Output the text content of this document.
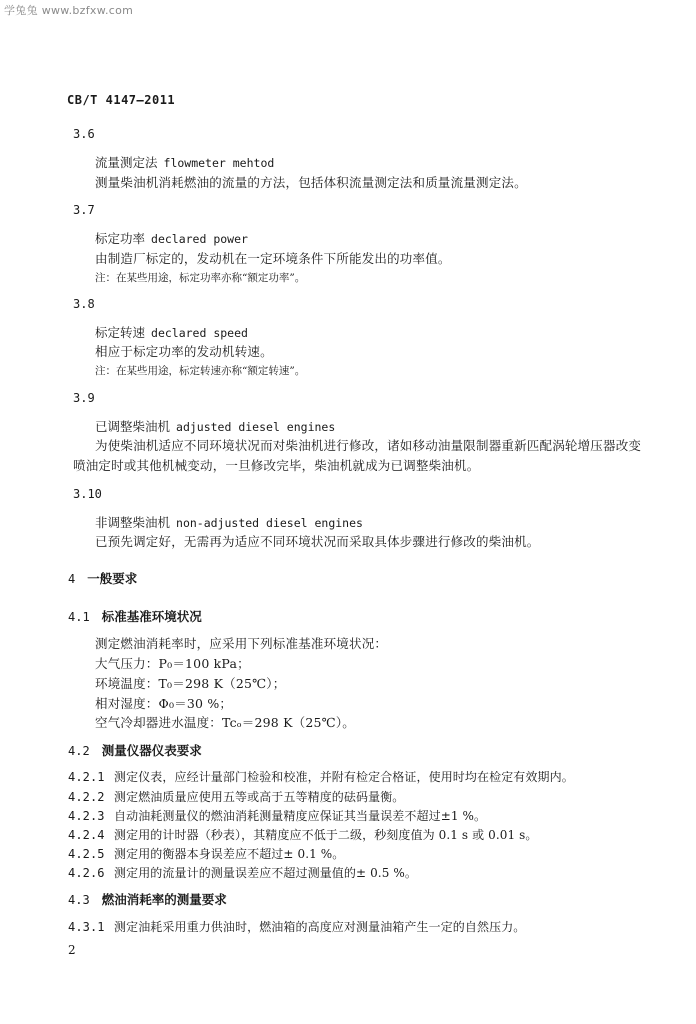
学兔兔 www.bzfxw.com
CB/T 4147—2011
3.6
流量测定法 flowmeter mehtod
测量柴油机消耗燃油的流量的方法，包括体积流量测定法和质量流量测定法。
3.7
标定功率 declared power
由制造厂标定的，发动机在一定环境条件下所能发出的功率值。
注：在某些用途，标定功率亦称“额定功率”。
3.8
标定转速 declared speed
相应于标定功率的发动机转速。
注：在某些用途，标定转速亦称“额定转速”。
3.9
已调整柴油机 adjusted diesel engines
为使柴油机适应不同环境状况而对柴油机进行修改，诸如移动油量限制器重新匹配涡轮增压器改变
喷油定时或其他机械变动，一旦修改完毕，柴油机就成为已调整柴油机。
3.10
非调整柴油机 non-adjusted diesel engines
已预先调定好，无需再为适应不同环境状况而采取具体步骤进行修改的柴油机。
4 一般要求
4.1 标准基准环境状况
测定燃油消耗率时，应采用下列标准基准环境状况：
大气压力：P₀＝100 kPa；
环境温度：T₀＝298 K（25℃）；
相对湿度：Φ₀＝30 %；
空气冷却器进水温度：Tcₒ＝298 K（25℃）。
4.2 测量仪器仪表要求
4.2.1 测定仪表，应经计量部门检验和校准，并附有检定合格证，使用时均在检定有效期内。
4.2.2 测定燃油质量应使用五等或高于五等精度的砝码量衡。
4.2.3 自动油耗测量仪的燃油消耗测量精度应保证其当量误差不超过±1 %。
4.2.4 测定用的计时器（秒表），其精度应不低于二级，秒刻度值为 0.1 s 或 0.01 s。
4.2.5 测定用的衡器本身误差应不超过± 0.1 %。
4.2.6 测定用的流量计的测量误差应不超过测量值的± 0.5 %。
4.3 燃油消耗率的测量要求
4.3.1 测定油耗采用重力供油时，燃油箱的高度应对测量油箱产生一定的自然压力。
2
